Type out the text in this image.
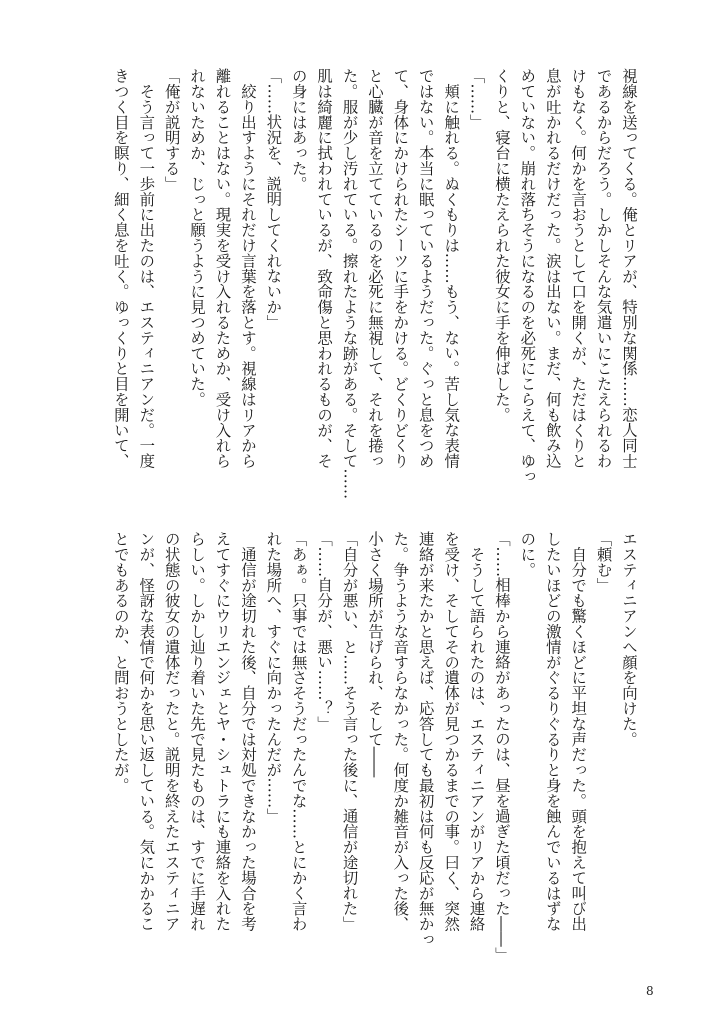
視線を送ってくる。俺とリアが、特別な関係……恋人同士
であるからだろう。しかしそんな気遣いにこたえられるわ
けもなく。何かを言おうとして口を開くが、ただはくりと
息が吐かれるだけだった。涙は出ない。まだ、何も飲み込
めていない。崩れ落ちそうになるのを必死にこらえて、ゆっ
くりと、寝台に横たえられた彼女に手を伸ばした。
「……」
　頬に触れる。ぬくもりは……もう、ない。苦し気な表情
ではない。本当に眠っているようだった。ぐっと息をつめ
て、身体にかけられたシーツに手をかける。どくりどくり
と心臓が音を立てているのを必死に無視して、それを捲っ
た。服が少し汚れている。擦れたような跡がある。そして……
肌は綺麗に拭われているが、致命傷と思われるものが、そ
の身にはあった。
「……状況を、説明してくれないか」
　絞り出すようにそれだけ言葉を落とす。視線はリアから
離れることはない。現実を受け入れるためか、受け入れら
れないためか、じっと願うように見つめていた。
「俺が説明する」
　そう言って一歩前に出たのは、エスティニアンだ。一度
きつく目を瞑り、細く息を吐く。ゆっくりと目を開いて、
エスティニアンへ顔を向けた。
「頼む」
　自分でも驚くほどに平坦な声だった。頭を抱えて叫び出
したいほどの激情がぐるりぐるりと身を蝕んでいるはずな
のに。
「……相棒から連絡があったのは、昼を過ぎた頃だった――」
　そうして語られたのは、エスティニアンがリアから連絡
を受け、そしてその遺体が見つかるまでの事。曰く、突然
連絡が来たかと思えば、応答しても最初は何も反応が無かっ
た。争うような音すらなかった。何度か雑音が入った後、
小さく場所が告げられ、そして――
「自分が悪い、と……そう言った後に、通信が途切れた」
「……自分が、悪い……？」
「あぁ。只事では無さそうだったんでな……とにかく言わ
れた場所へ、すぐに向かったんだが……」
　通信が途切れた後、自分では対処できなかった場合を考
えてすぐにウリエンジェとヤ・シュトラにも連絡を入れた
らしい。しかし辿り着いた先で見たものは、すでに手遅れ
の状態の彼女の遺体だったと。説明を終えたエスティニア
ンが、怪訝な表情で何かを思い返している。気にかかるこ
とでもあるのか、と問おうとしたが。
8
